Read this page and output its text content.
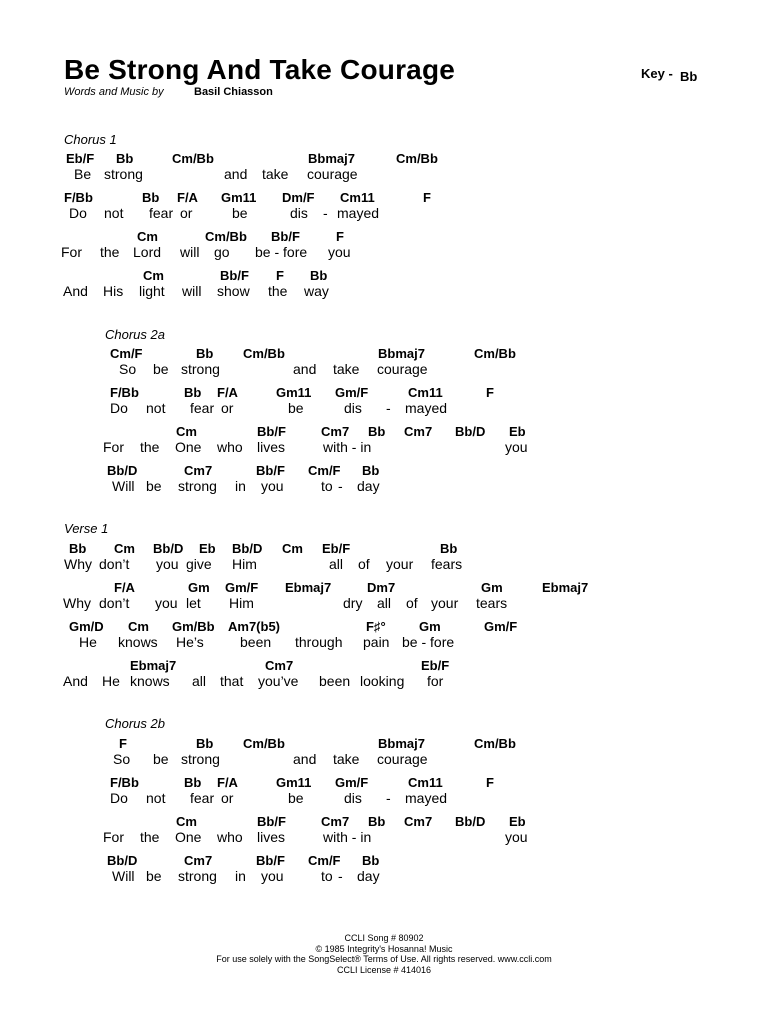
Be Strong And Take Courage
Words and Music by	Basil Chiasson
Key - Bb
Chorus 1
Eb/F Bb	Cm/Bb	Bbmaj7	Cm/Bb
Be strong	and take courage
F/Bb	Bb F/A Gm11 Dm/F Cm11	F
Do not fear or	be	dis - mayed
Cm	Cm/Bb Bb/F	F
For the Lord will go be - fore you
Cm	Bb/F F Bb
And His light will show the way
Chorus 2a
Cm/F	Bb Cm/Bb	Bbmaj7	Cm/Bb
So be strong	and take courage
F/Bb	Bb F/A	Gm11 Gm/F	Cm11	F
Do not fear or	be	dis - mayed
Cm	Bb/F	Cm7 Bb Cm7 Bb/D Eb
For the One who lives	with - in	you
Bb/D	Cm7	Bb/F Cm/F Bb
Will be strong in you	to - day
Verse 1
Bb Cm Bb/D Eb Bb/D Cm Eb/F	Bb
Why don’t you give Him	all of your fears
F/A	Gm Gm/F Ebmaj7	Dm7	Gm	Ebmaj7
Why don’t you let Him	dry all of your tears
Gm/D Cm Gm/Bb Am7(b5)	F♯°	Gm	Gm/F
He knows He’s	been through pain be - fore
Ebmaj7	Cm7	Eb/F
And He knows all that you’ve been looking for
Chorus 2b
F	Bb Cm/Bb	Bbmaj7	Cm/Bb
So be strong	and take courage
F/Bb	Bb F/A	Gm11 Gm/F	Cm11	F
Do not fear or	be	dis - mayed
Cm	Bb/F	Cm7 Bb Cm7 Bb/D Eb
For the One who lives	with - in	you
Bb/D	Cm7	Bb/F Cm/F Bb
Will be strong in you	to - day
CCLI Song # 80902
© 1985 Integrity's Hosanna! Music
For use solely with the SongSelect® Terms of Use. All rights reserved. www.ccli.com
CCLI License # 414016
